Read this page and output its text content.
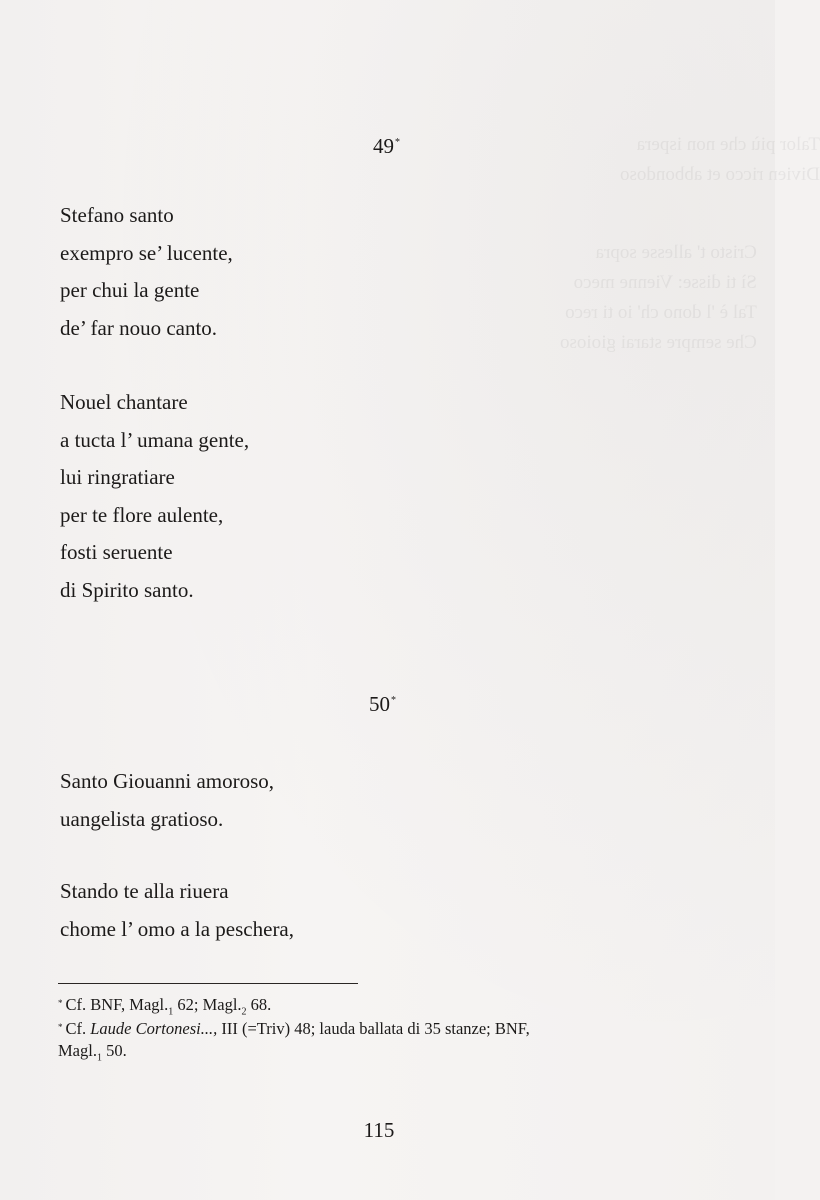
Talor più che non ispera
Divien ricco et abbondoso
Cristo t' allesse sopra
Sì ti disse: Vienne meco
Tal è 'l dono ch' io ti reco
Che sempre starai gioioso
49*
Stefano santo
exempro se’ lucente,
per chui la gente
de’ far nouo canto.
Nouel chantare
a tucta l’ umana gente,
lui ringratiare
per te flore aulente,
fosti seruente
di Spirito santo.
50*
Santo Giouanni amoroso,
uangelista gratioso.
Stando te alla riuera
chome l’ omo a la peschera,
* Cf. BNF, $Magl._1$ 62; $Magl._2$ 68.
* Cf. Laude Cortonesi..., III (=Triv) 48; lauda ballata di 35 stanze; BNF,
$Magl._1$ 50.
115
